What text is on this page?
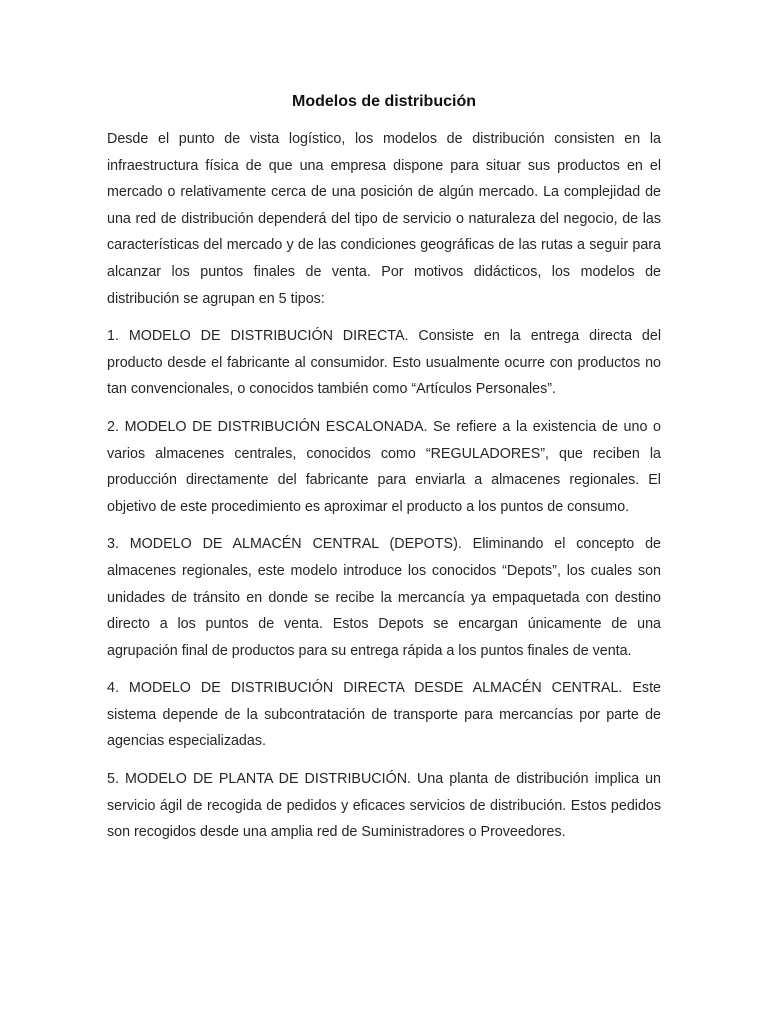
Modelos de distribución

Desde el punto de vista logístico, los modelos de distribución consisten en la infraestructura física de que una empresa dispone para situar sus productos en el mercado o relativamente cerca de una posición de algún mercado. La complejidad de una red de distribución dependerá del tipo de servicio o naturaleza del negocio, de las características del mercado y de las condiciones geográficas de las rutas a seguir para alcanzar los puntos finales de venta. Por motivos didácticos, los modelos de distribución se agrupan en 5 tipos:

1. MODELO DE DISTRIBUCIÓN DIRECTA. Consiste en la entrega directa del producto desde el fabricante al consumidor. Esto usualmente ocurre con productos no tan convencionales, o conocidos también como “Artículos Personales”.

2. MODELO DE DISTRIBUCIÓN ESCALONADA. Se refiere a la existencia de uno o varios almacenes centrales, conocidos como “REGULADORES”, que reciben la producción directamente del fabricante para enviarla a almacenes regionales. El objetivo de este procedimiento es aproximar el producto a los puntos de consumo.

3. MODELO DE ALMACÉN CENTRAL (DEPOTS). Eliminando el concepto de almacenes regionales, este modelo introduce los conocidos “Depots”, los cuales son unidades de tránsito en donde se recibe la mercancía ya empaquetada con destino directo a los puntos de venta. Estos Depots se encargan únicamente de una agrupación final de productos para su entrega rápida a los puntos finales de venta.

4. MODELO DE DISTRIBUCIÓN DIRECTA DESDE ALMACÉN CENTRAL. Este sistema depende de la subcontratación de transporte para mercancías por parte de agencias especializadas.

5. MODELO DE PLANTA DE DISTRIBUCIÓN. Una planta de distribución implica un servicio ágil de recogida de pedidos y eficaces servicios de distribución. Estos pedidos son recogidos desde una amplia red de Suministradores o Proveedores.
